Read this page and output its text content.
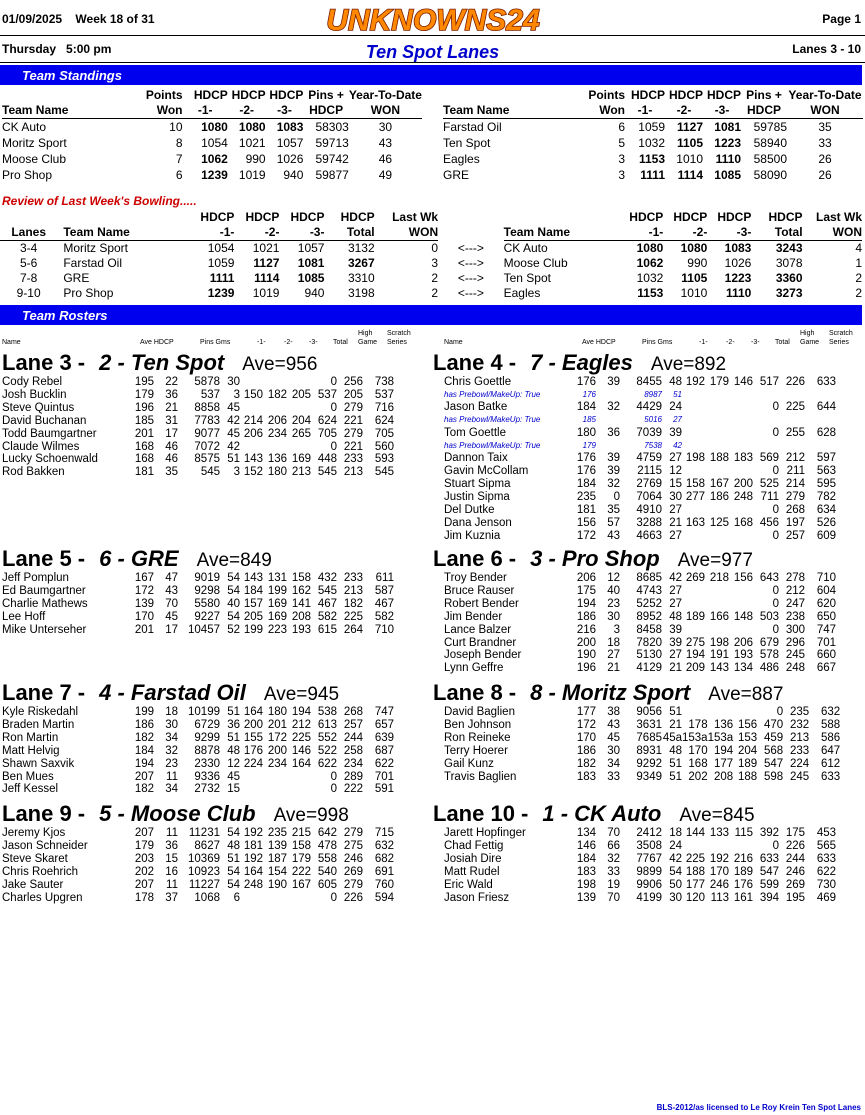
01/09/2025 Week 18 of 31	UNKNOWNS24	Page 1
Thursday 5:00 pm	Ten Spot Lanes	Lanes 3 - 10
Team Standings
	Points	HDCP	HDCP	HDCP	Pins +	Year-To-Date
Team Name	Won	-1-	-2-	-3-	HDCP	WON
CK Auto	10	1080	1080	1083	58303	30
Moritz Sport	8	1054	1021	1057	59713	43
Moose Club	7	1062	990	1026	59742	46
Pro Shop	6	1239	1019	940	59877	49
	Points	HDCP	HDCP	HDCP	Pins +	Year-To-Date
Team Name	Won	-1-	-2-	-3-	HDCP	WON
Farstad Oil	6	1059	1127	1081	59785	35
Ten Spot	5	1032	1105	1223	58940	33
Eagles	3	1153	1010	1110	58500	26
GRE	3	1111	1114	1085	58090	26
Review of Last Week's Bowling.....
		HDCP	HDCP	HDCP	HDCP	Last Wk			HDCP	HDCP	HDCP	HDCP	Last Wk
Lanes	Team Name	-1-	-2-	-3-	Total	WON		Team Name	-1-	-2-	-3-	Total	WON
3-4	Moritz Sport	1054	1021	1057	3132	0	<--->	CK Auto	1080	1080	1083	3243	4
5-6	Farstad Oil	1059	1127	1081	3267	3	<--->	Moose Club	1062	990	1026	3078	1
7-8	GRE	1111	1114	1085	3310	2	<--->	Ten Spot	1032	1105	1223	3360	2
9-10	Pro Shop	1239	1019	940	3198	2	<--->	Eagles	1153	1010	1110	3273	2
Team Rosters
Name	Ave HDCP	Pins Gms	-1-	-2- -3- Total
High
Game
Scratch
Series	Name	Ave HDCP	Pins Gms	-1-	-2- -3- Total
High
Game
Scratch
Series
Lane 3 - 2 - Ten Spot Ave=956
Cody Rebel	195	22	5878	30				0	256	738
Josh Bucklin	179	36	537	3	150	182	205	537	205	537
Steve Quintus	196	21	8858	45				0	279	716
David Buchanan	185	31	7783	42	214	206	204	624	221	624
Todd Baumgartner	201	17	9077	45	206	234	265	705	279	705
Claude Wilmes	168	46	7072	42				0	221	560
Lucky Schoenwald	168	46	8575	51	143	136	169	448	233	593
Rod Bakken	181	35	545	3	152	180	213	545	213	545
Lane 4 - 7 - Eagles Ave=892
Chris Goettle	176	39	8455	48	192	179	146	517	226	633
has Prebowl/MakeUp: True	176		8987	51						
Jason Batke	184	32	4429	24				0	225	644
has Prebowl/MakeUp: True	185		5016	27						
Tom Goettle	180	36	7039	39				0	255	628
has Prebowl/MakeUp: True	179		7538	42						
Dannon Taix	176	39	4759	27	198	188	183	569	212	597
Gavin McCollam	176	39	2115	12				0	211	563
Stuart Sipma	184	32	2769	15	158	167	200	525	214	595
Justin Sipma	235	0	7064	30	277	186	248	711	279	782
Del Dutke	181	35	4910	27				0	268	634
Dana Jenson	156	57	3288	21	163	125	168	456	197	526
Jim Kuznia	172	43	4663	27				0	257	609
Lane 5 - 6 - GRE Ave=849
Jeff Pomplun	167	47	9019	54	143	131	158	432	233	611
Ed Baumgartner	172	43	9298	54	184	199	162	545	213	587
Charlie Mathews	139	70	5580	40	157	169	141	467	182	467
Lee Hoff	170	45	9227	54	205	169	208	582	225	582
Mike Unterseher	201	17	10457	52	199	223	193	615	264	710
Lane 6 - 3 - Pro Shop Ave=977
Troy Bender	206	12	8685	42	269	218	156	643	278	710
Bruce Rauser	175	40	4743	27				0	212	604
Robert Bender	194	23	5252	27				0	247	620
Jim Bender	186	30	8952	48	189	166	148	503	238	650
Lance Balzer	216	3	8458	39				0	300	747
Curt Brandner	200	18	7820	39	275	198	206	679	296	701
Joseph Bender	190	27	5130	27	194	191	193	578	245	660
Lynn Geffre	196	21	4129	21	209	143	134	486	248	667
Lane 7 - 4 - Farstad Oil Ave=945
Kyle Riskedahl	199	18	10199	51	164	180	194	538	268	747
Braden Martin	186	30	6729	36	200	201	212	613	257	657
Ron Martin	182	34	9299	51	155	172	225	552	244	639
Matt Helvig	184	32	8878	48	176	200	146	522	258	687
Shawn Saxvik	194	23	2330	12	224	234	164	622	234	622
Ben Mues	207	11	9336	45				0	289	701
Jeff Kessel	182	34	2732	15				0	222	591
Lane 8 - 8 - Moritz Sport Ave=887
David Baglien	177	38	9056	51				0	235	632
Ben Johnson	172	43	3631	21	178	136	156	470	232	588
Ron Reineke	170	45	7685	45a	153a	153a	153	459	213	586
Terry Hoerer	186	30	8931	48	170	194	204	568	233	647
Gail Kunz	182	34	9292	51	168	177	189	547	224	612
Travis Baglien	183	33	9349	51	202	208	188	598	245	633
Lane 9 - 5 - Moose Club Ave=998
Jeremy Kjos	207	11	11231	54	192	235	215	642	279	715
Jason Schneider	179	36	8627	48	181	139	158	478	275	632
Steve Skaret	203	15	10369	51	192	187	179	558	246	682
Chris Roehrich	202	16	10923	54	164	154	222	540	269	691
Jake Sauter	207	11	11227	54	248	190	167	605	279	760
Charles Upgren	178	37	1068	6				0	226	594
Lane 10 - 1 - CK Auto Ave=845
Jarett Hopfinger	134	70	2412	18	144	133	115	392	175	453
Chad Fettig	146	66	3508	24				0	226	565
Josiah Dire	184	32	7767	42	225	192	216	633	244	633
Matt Rudel	183	33	9899	54	188	170	189	547	246	622
Eric Wald	198	19	9906	50	177	246	176	599	269	730
Jason Friesz	139	70	4199	30	120	113	161	394	195	469
BLS-2012/as licensed to Le Roy Krein Ten Spot Lanes
